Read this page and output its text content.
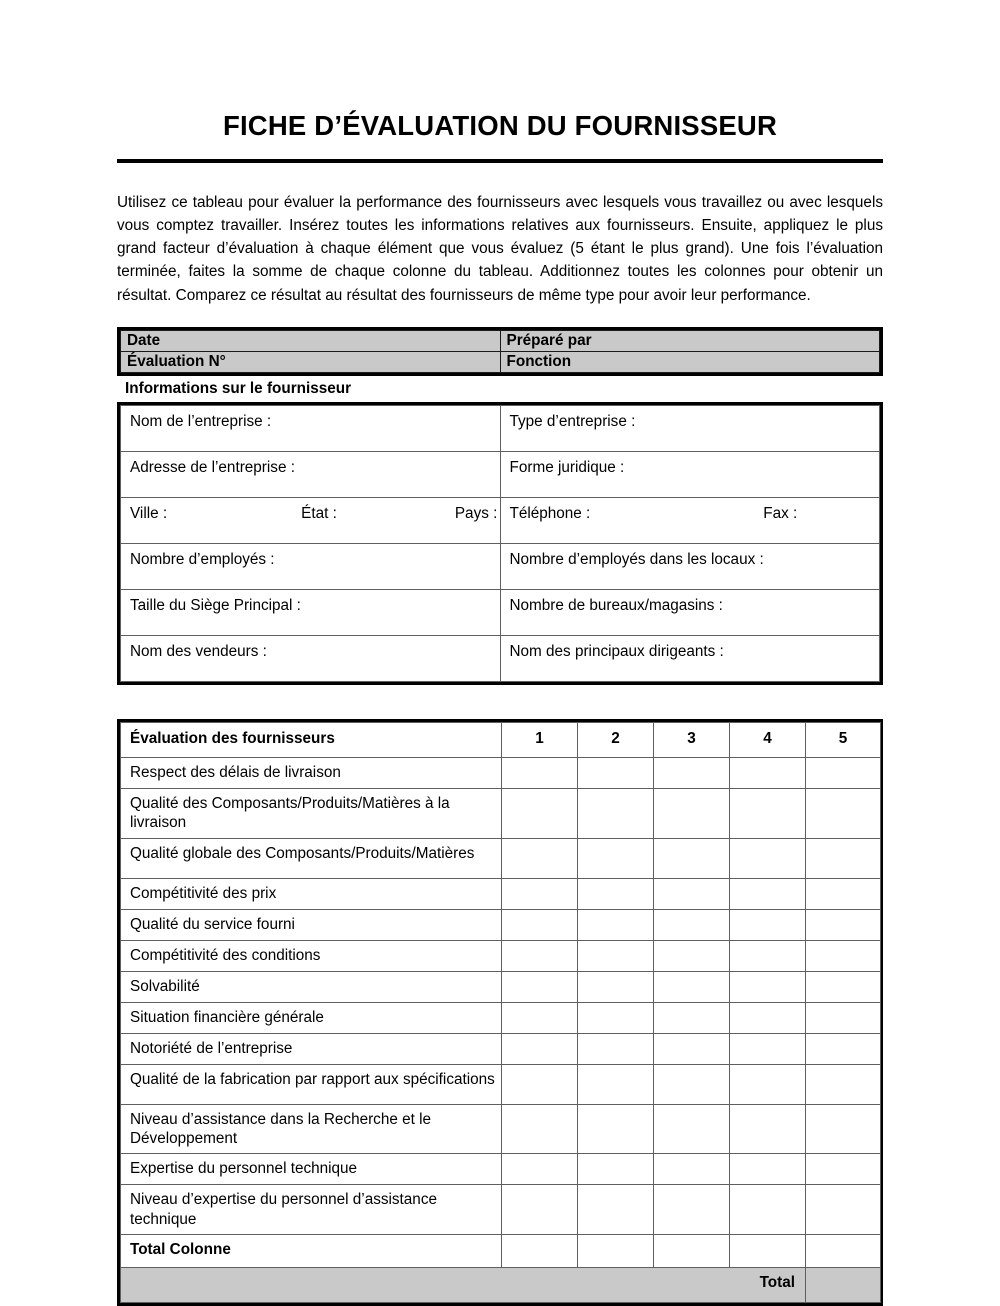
FICHE D’ÉVALUATION DU FOURNISSEUR

Utilisez ce tableau pour évaluer la performance des fournisseurs avec lesquels vous travaillez ou avec lesquels vous comptez travailler. Insérez toutes les informations relatives aux fournisseurs. Ensuite, appliquez le plus grand facteur d’évaluation à chaque élément que vous évaluez (5 étant le plus grand). Une fois l’évaluation terminée, faites la somme de chaque colonne du tableau. Additionnez toutes les colonnes pour obtenir un résultat. Comparez ce résultat au résultat des fournisseurs de même type pour avoir leur performance.

Date	Préparé par
Évaluation N°	Fonction
Informations sur le fournisseur
Nom de l’entreprise :	Type d’entreprise :
Adresse de l’entreprise :	Forme juridique :

Ville : État : Pays :	Téléphone : Fax :

Nombre d’employés :	Nombre d’employés dans les locaux :
Taille du Siège Principal :	Nombre de bureaux/magasins :
Nom des vendeurs :	Nom des principaux dirigeants :
Évaluation des fournisseurs	1	2	3	4	5
Respect des délais de livraison					
Qualité des Composants/Produits/Matières à la livraison					
Qualité globale des Composants/Produits/Matières					
Compétitivité des prix					
Qualité du service fourni					
Compétitivité des conditions					
Solvabilité					
Situation financière générale					
Notoriété de l’entreprise					
Qualité de la fabrication par rapport aux spécifications					
Niveau d’assistance dans la Recherche et le Développement					
Expertise du personnel technique					
Niveau d’expertise du personnel d’assistance technique					
Total Colonne					
Total					
